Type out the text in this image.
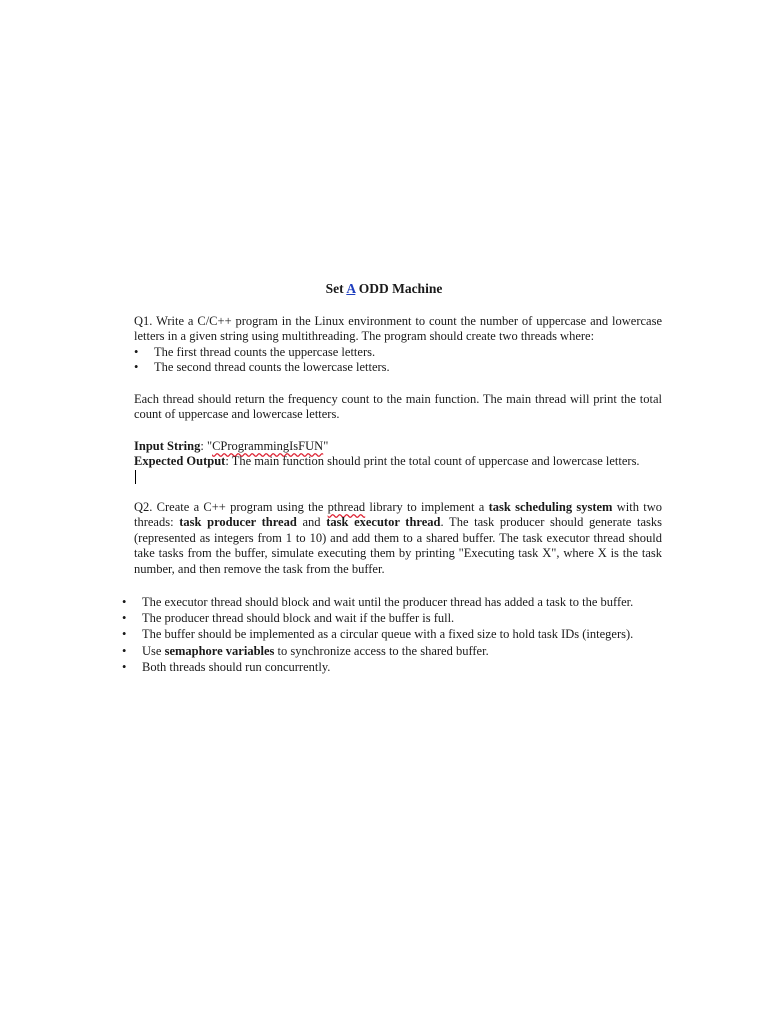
Set A ODD Machine

Q1. Write a C/C++ program in the Linux environment to count the number of uppercase and lowercase letters in a given string using multithreading. The program should create two threads where:

• The first thread counts the uppercase letters.
• The second thread counts the lowercase letters.

Each thread should return the frequency count to the main function. The main thread will print the total count of uppercase and lowercase letters.

Input String: "CProgrammingIsFUN"

Expected Output: The main function should print the total count of uppercase and lowercase letters.

Q2. Create a C++ program using the pthread library to implement a task scheduling system with two threads: task producer thread and task executor thread. The task producer should generate tasks (represented as integers from 1 to 10) and add them to a shared buffer. The task executor thread should take tasks from the buffer, simulate executing them by printing "Executing task X", where X is the task number, and then remove the task from the buffer.

• The executor thread should block and wait until the producer thread has added a task to the buffer.
• The producer thread should block and wait if the buffer is full.
• The buffer should be implemented as a circular queue with a fixed size to hold task IDs (integers).
• Use semaphore variables to synchronize access to the shared buffer.
• Both threads should run concurrently.
